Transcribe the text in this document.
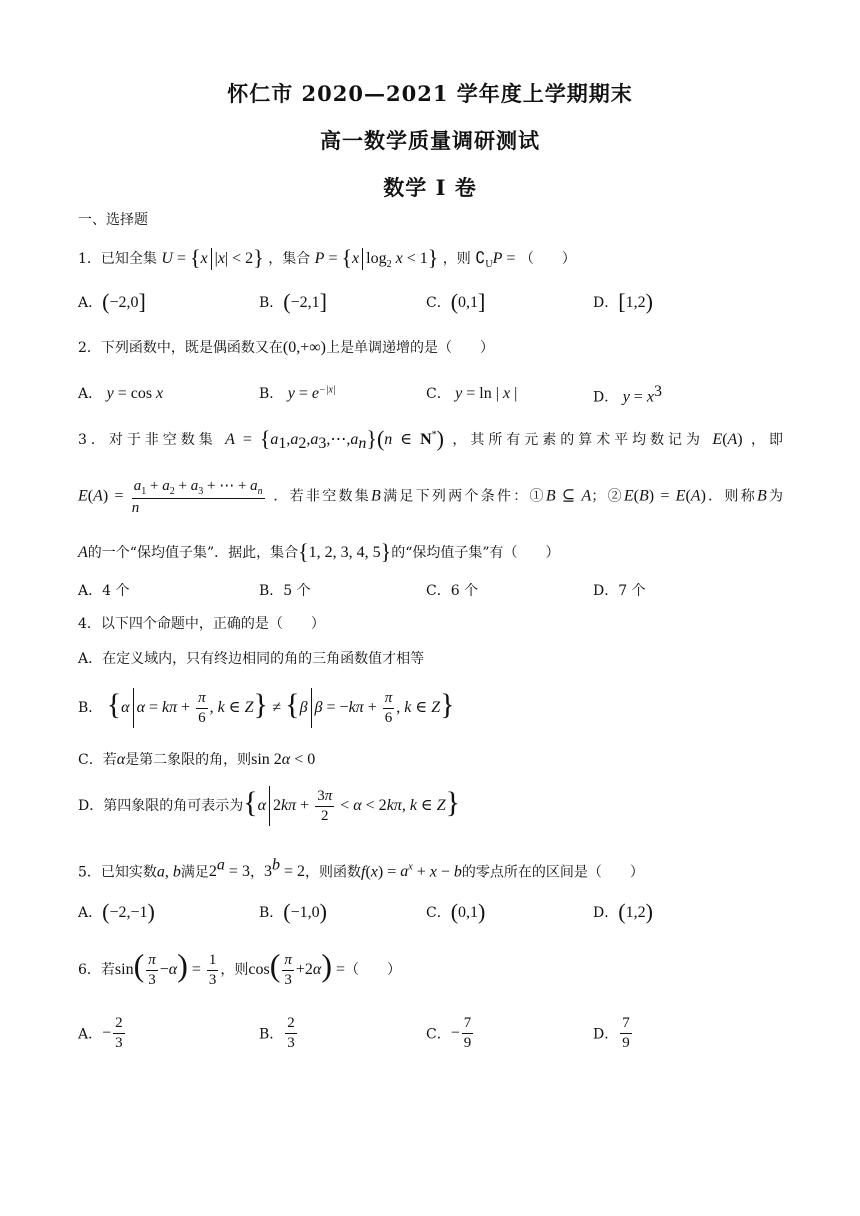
怀仁市 2020—2021 学年度上学期期末
高一数学质量调研测试
数学 I 卷
一、选择题
1．已知全集 U = {x |x| < 2} ，集合 P = {x $\log_2 x < 1$} ，则 $∁_UP$ = （　　）
A．(−2,0]	B．(−2,1]	C．(0,1]	D．[1,2)
2．下列函数中，既是偶函数又在(0,+∞)上是单调递增的是（　　）
A． y = cos x	B． $y = e^{-|x|}$	C． y = ln | x |	D． $y = x^3$
3．对于非空数集 $A = \{a_1,a_2,a_3,\cdots,a_n\}(n$ ∈ N*) ，其所有元素的算术平均数记为 E(A) ，即
$E(A) = \frac{a_1 + a_2 + a_3 + \cdots + a_n}{n}$ ．若非空数集B满足下列两个条件：①B ⊆ A；②E(B) = E(A)．则称B为
A的一个“保均值子集”．据此，集合{1, 2, 3, 4, 5}的“保均值子集”有（　　）
A．4 个	B．5 个	C．6 个	D．7 个
4．以下四个命题中，正确的是（　　）
A．在定义域内，只有终边相同的角的三角函数值才相等
B． {α $\alpha = k\pi + \frac{\pi}{6}$ , k ∈ Z} ≠ {β $\beta = -k\pi + \frac{\pi}{6}$ , k ∈ Z}
C．若α是第二象限的角，则sin 2α < 0
D．第四象限的角可表示为{α $2k\pi + \frac{3\pi}{2} < \alpha < 2k\pi$, k ∈ Z}
5．已知实数a, b满足$2^a = 3$，$3^b = 2$，则函数$f(x) = a^x + x - b$的零点所在的区间是（　　）
A．(−2,−1)	B．(−1,0)	C．(0,1)	D．(1,2)
6．若$\sin( \frac{\pi}{3} -\alpha) = \frac{1}{3}$ ，则$\cos( \frac{\pi}{3} +2\alpha)$ =（　　）
A．− $\frac{2}{3}$	B． $\frac{2}{3}$	C．− $\frac{7}{9}$	D． $\frac{7}{9}$
